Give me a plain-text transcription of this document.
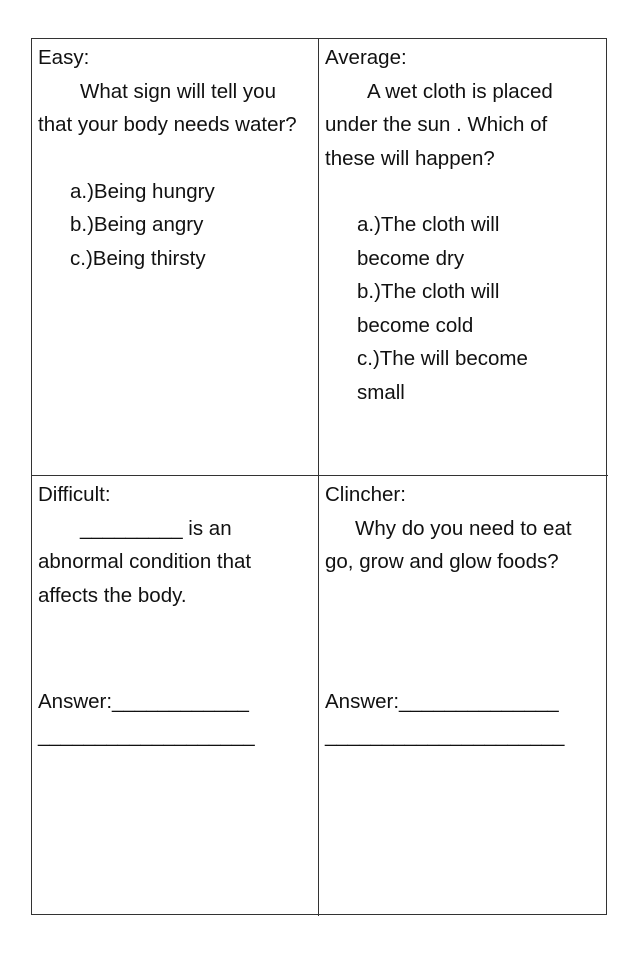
Easy:
What sign will tell you that your body needs water?
a.)Being hungry
b.)Being angry
c.)Being thirsty
Average:
A wet cloth is placed under the sun . Which of these will happen?
a.)The cloth will become dry
b.)The cloth will become cold
c.)The will become small
Difficult:
_________ is an abnormal condition that affects the body.
Answer:____________
___________________
Clincher:
Why do you need to eat go, grow and glow foods?
Answer:______________
_____________________
